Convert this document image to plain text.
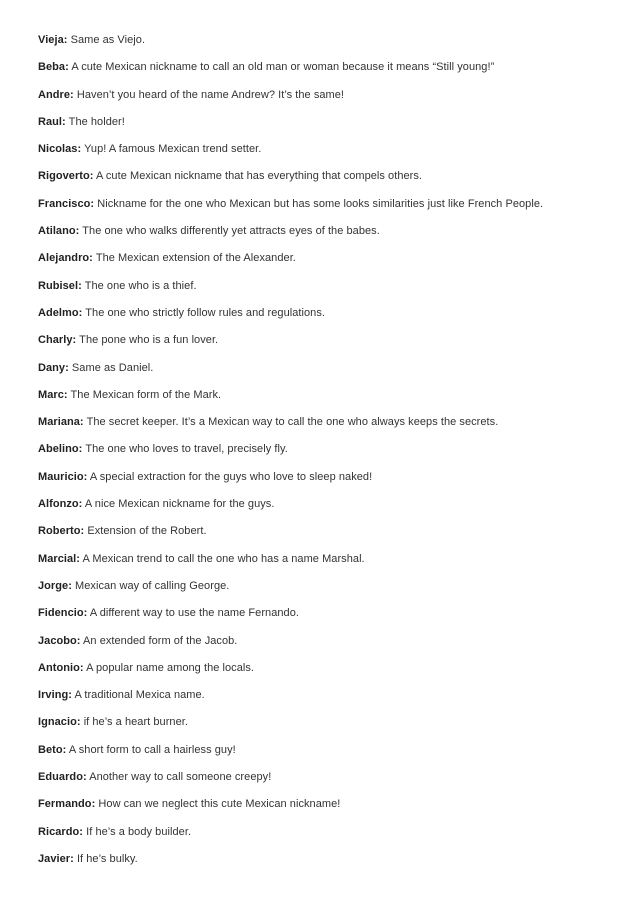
Vieja: Same as Viejo.
Beba: A cute Mexican nickname to call an old man or woman because it means “Still young!”
Andre: Haven’t you heard of the name Andrew? It’s the same!
Raul: The holder!
Nicolas: Yup! A famous Mexican trend setter.
Rigoverto: A cute Mexican nickname that has everything that compels others.
Francisco: Nickname for the one who Mexican but has some looks similarities just like French People.
Atilano: The one who walks differently yet attracts eyes of the babes.
Alejandro: The Mexican extension of the Alexander.
Rubisel: The one who is a thief.
Adelmo: The one who strictly follow rules and regulations.
Charly: The pone who is a fun lover.
Dany: Same as Daniel.
Marc: The Mexican form of the Mark.
Mariana: The secret keeper. It’s a Mexican way to call the one who always keeps the secrets.
Abelino: The one who loves to travel, precisely fly.
Mauricio: A special extraction for the guys who love to sleep naked!
Alfonzo: A nice Mexican nickname for the guys.
Roberto: Extension of the Robert.
Marcial: A Mexican trend to call the one who has a name Marshal.
Jorge: Mexican way of calling George.
Fidencio: A different way to use the name Fernando.
Jacobo: An extended form of the Jacob.
Antonio: A popular name among the locals.
Irving: A traditional Mexica name.
Ignacio: if he’s a heart burner.
Beto: A short form to call a hairless guy!
Eduardo: Another way to call someone creepy!
Fermando: How can we neglect this cute Mexican nickname!
Ricardo: If he’s a body builder.
Javier: If he’s bulky.
